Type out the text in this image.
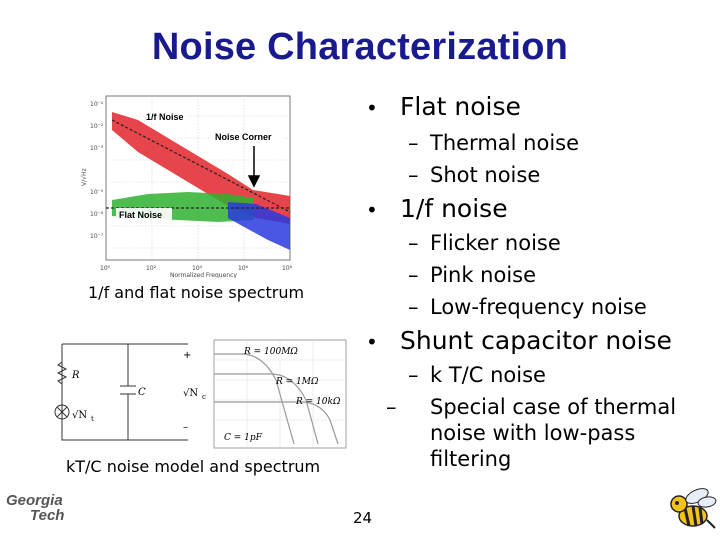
Noise Characterization
10⁻¹
10⁻²
10⁻³
10⁻⁵
10⁻⁶
10⁻⁷
10⁰	10²	10⁴	10⁶	10⁸
V/√Hz
Normalized Frequency
1/f Noise
Noise Corner
Flat Noise
1/f and flat noise spectrum
R
C
√N t
√N c
+
–
R = 100MΩ
R = 1MΩ
R = 10kΩ
C = 1pF
kT/C noise model and spectrum
• Flat noise
– Thermal noise
– Shot noise
• 1/f noise
– Flicker noise
– Pink noise
– Low-frequency noise
• Shunt capacitor noise
– k T/C noise
– Special case of thermal noise with low-pass filtering
Georgia
Tech	24
